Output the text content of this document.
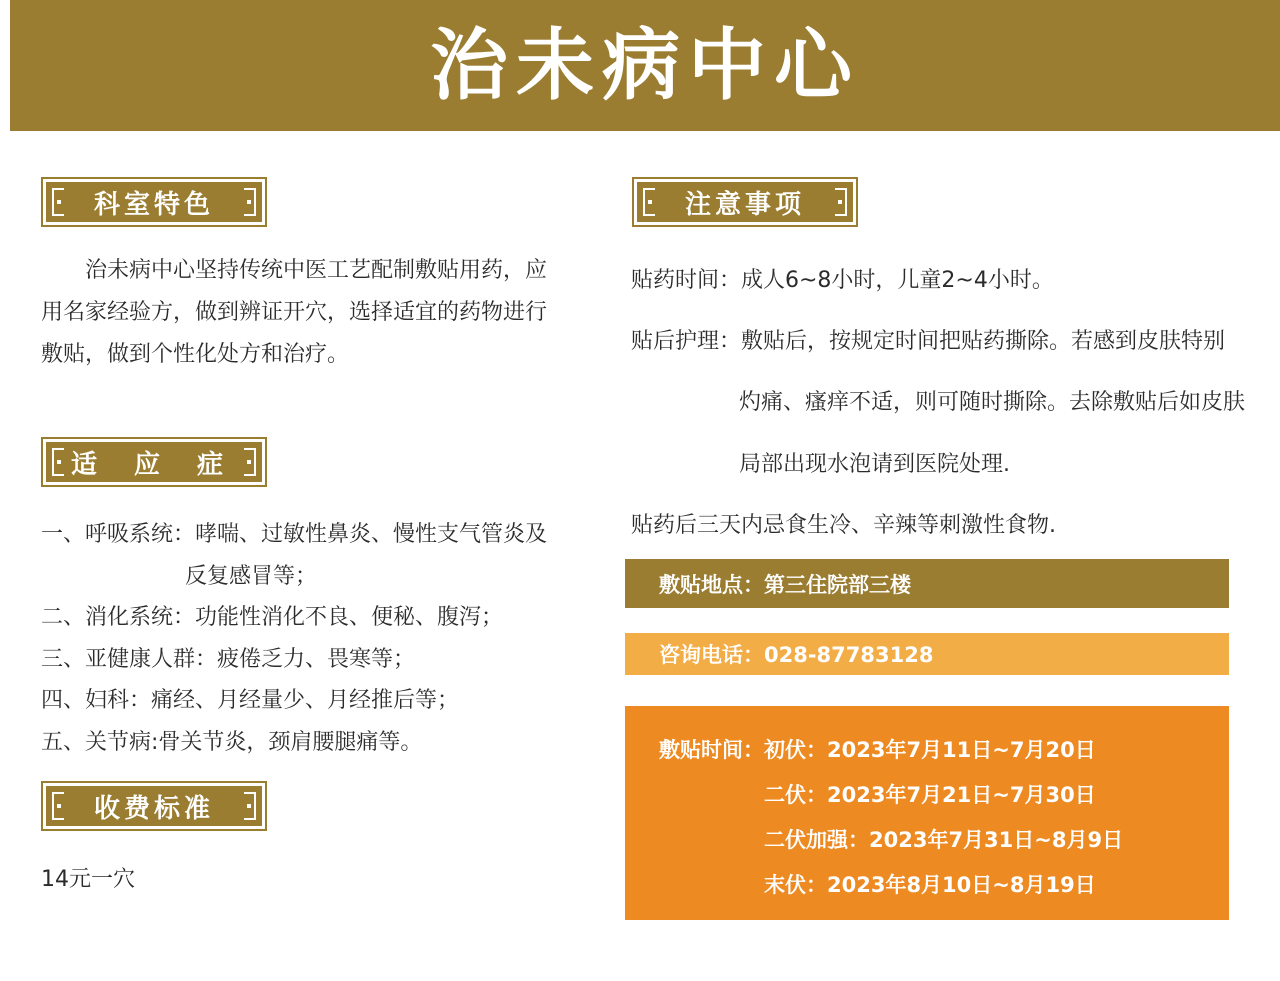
治未病中心
科室特色

　　治未病中心坚持传统中医工艺配制敷贴用药，应用名家经验方，做到辨证开穴，选择适宜的药物进行敷贴，做到个性化处方和治疗。

适 应 症
一、呼吸系统：哮喘、过敏性鼻炎、慢性支气管炎及
反复感冒等；
二、消化系统：功能性消化不良、便秘、腹泻；
三、亚健康人群：疲倦乏力、畏寒等；
四、妇科：痛经、月经量少、月经推后等；
五、关节病:骨关节炎，颈肩腰腿痛等。
收费标准
14元一穴
注意事项
贴药时间：成人6~8小时，儿童2~4小时。
贴后护理：敷贴后，按规定时间把贴药撕除。若感到皮肤特别
灼痛、瘙痒不适，则可随时撕除。去除敷贴后如皮肤
局部出现水泡请到医院处理.
贴药后三天内忌食生冷、辛辣等刺激性食物.
敷贴地点：第三住院部三楼
咨询电话：028-87783128
敷贴时间： 初伏：2023年7月11日~7月20日
二伏：2023年7月21日~7月30日
二伏加强：2023年7月31日~8月9日
末伏：2023年8月10日~8月19日
